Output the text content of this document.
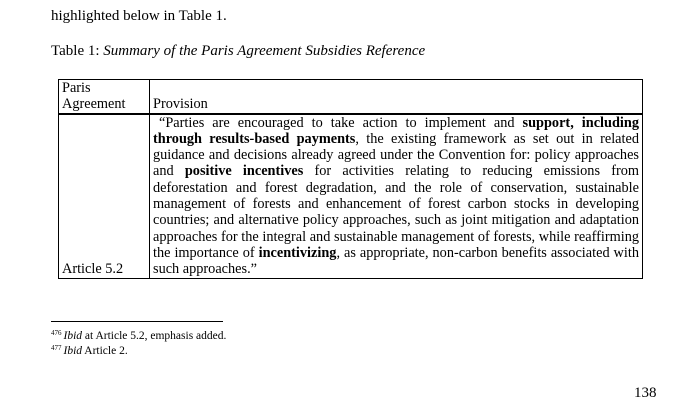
highlighted below in Table 1.
Table 1: Summary of the Paris Agreement Subsidies Reference
Paris Agreement	Provision
Article 5.2	“Parties are encouraged to take action to implement and support, including through results-based payments, the existing framework as set out in related guidance and decisions already agreed under the Convention for: policy approaches and positive incentives for activities relating to reducing emissions from deforestation and forest degradation, and the role of conservation, sustainable management of forests and enhancement of forest carbon stocks in developing countries; and alternative policy approaches, such as joint mitigation and adaptation approaches for the integral and sustainable management of forests, while reaffirming the importance of incentivizing, as appropriate, non-carbon benefits associated with such approaches.”

$^{476}$ Ibid at Article 5.2, emphasis added.
$^{477}$ Ibid Article 2.
138
